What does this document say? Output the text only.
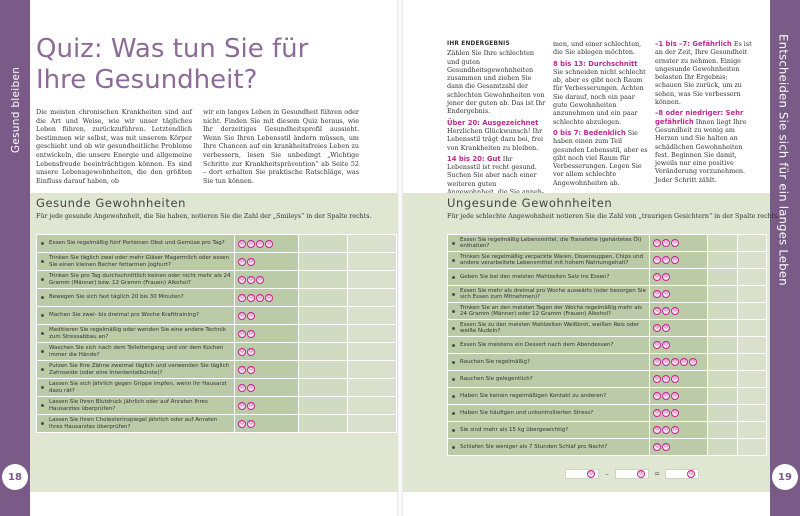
Gesund bleiben	Entscheiden Sie sich für ein langes Leben
18	19
Quiz: Was tun Sie für Ihre Gesundheit?
Die meisten chronischen Krankheiten sind auf die Art und Weise, wie wir unser tägliches Leben führen, zurückzuführen. Letztendlich bestimmen wir selbst, was mit unserem Körper geschieht und ob wir gesundheitliche Probleme entwickeln, die unsere Energie und allgemeine Lebensfreude beeinträchtigen können. Es sind unsere Lebensgewohnheiten, die den größten Einfluss darauf haben, ob
wir ein langes Leben in Gesundheit führen oder nicht. Finden Sie mit diesem Quiz heraus, wie Ihr derzeitiges Gesundheitsprofil aussieht. Wenn Sie Ihren Lebensstil ändern müssen, um Ihre Chancen auf ein krankheitsfreies Leben zu verbessern, lesen Sie unbedingt „Wichtige Schritte zur Krankheitsprävention“ ab Seite 52 – dort erhalten Sie praktische Ratschläge, was Sie tun können.

IHR ENDERGEBNIS

Zählen Sie Ihre schlechten und guten Gesundheitsgewohnheiten zusammen und ziehen Sie dann die Gesamtzahl der schlechten Gewohnheiten von jener der guten ab. Das ist Ihr Endergebnis.

Über 20: Ausgezeichnet
Herzlichen Glückwunsch! Ihr Lebensstil trägt dazu bei, frei von Krankheiten zu bleiben.

14 bis 20: Gut Ihr Lebensstil ist recht gesund. Suchen Sie aber nach einer weiteren guten

men, und einer schlechten, die Sie ablegen möchten.

8 bis 13: Durchschnitt Sie schneiden nicht schlecht ab, aber es gibt noch Raum für Verbesserungen. Achten Sie darauf, noch ein paar gute Gewohnheiten anzunehmen und ein paar schlechte abzulegen.

0 bis 7: Bedenklich Sie haben einen zum Teil gesunden Lebensstil, aber es gibt noch viel Raum für Verbesserungen. Legen Sie vor allem schlechte Angewohnheiten ab.

–1 bis –7: Gefährlich Es ist an der Zeit, Ihre Gesundheit ernster zu nehmen. Einige ungesunde Gewohnheiten belasten Ihr Ergebnis; schauen Sie zurück, um zu sehen, was Sie verbessern können.

–8 oder niedriger: Sehr gefährlich Ihnen liegt Ihre Gesundheit zu wenig am Herzen und Sie halten an schädlichen Gewohnheiten fest. Beginnen Sie damit, jeweils nur eine positive Veränderung vorzunehmen. Jeder Schritt zählt.

Gesunde Gewohnheiten	Ungesunde Gewohnheiten
Für jede gesunde Angewohnheit, die Sie haben, notieren Sie die Zahl der „Smileys“ in der Spalte rechts.	Für jede schlechte Angewohnheit notieren Sie die Zahl von „traurigen Gesichtern“ in der Spalte rechts.
Essen Sie regelmäßig fünf Portionen Obst und Gemüse pro Tag?	☺ ☺ ☺ ☺		
Trinken Sie täglich zwei oder mehr Gläser Magermilch oder essen Sie einen kleinen Becher fettarmen Joghurt?	☺ ☺		
Trinken Sie pro Tag durchschnittlich keinen oder nicht mehr als 24 Gramm (Männer) bzw. 12 Gramm (Frauen) Alkohol?	☺ ☺ ☺		
Bewegen Sie sich fast täglich 20 bis 30 Minuten?	☺ ☺ ☺ ☺		
Machen Sie zwei- bis dreimal pro Woche Krafttraining?	☺ ☺		
Meditieren Sie regelmäßig oder wenden Sie eine andere Technik zum Stressabbau an?	☺ ☺		
Waschen Sie sich nach dem Toilettengang und vor dem Kochen immer die Hände?	☺ ☺		
Putzen Sie Ihre Zähne zweimal täglich und verwenden Sie täglich Zahnseide (oder eine Interdentalbürste)?	☺ ☺		
Lassen Sie sich jährlich gegen Grippe impfen, wenn Ihr Hausarzt dazu rät?	☺ ☺		
Lassen Sie Ihren Blutdruck jährlich oder auf Anraten Ihres Hausarztes überprüfen?	☺ ☺		
Lassen Sie Ihren Cholesterinspiegel jährlich oder auf Anraten Ihres Hausarztes überprüfen?	☺ ☺		
Essen Sie regelmäßig Lebensmittel, die Transfette (gehärtetes Öl) enthalten?	☹ ☹ ☹		
Trinken Sie regelmäßig verpackte Waren, Dosensuppen, Chips und andere verarbeitete Lebensmittel mit hohem Natriumgehalt?	☹ ☹ ☹		
Geben Sie bei den meisten Mahlzeiten Salz ins Essen?	☹ ☹		
Essen Sie mehr als dreimal pro Woche auswärts (oder besorgen Sie sich Essen zum Mitnehmen)?	☹ ☹		
Trinken Sie an den meisten Tagen der Woche regelmäßig mehr als 24 Gramm (Männer) oder 12 Gramm (Frauen) Alkohol?	☹ ☹ ☹		
Essen Sie zu den meisten Mahlzeiten Weißbrot, weißen Reis oder weiße Nudeln?	☹ ☹		
Essen Sie meistens ein Dessert nach dem Abendessen?	☹ ☹		
Rauchen Sie regelmäßig?	☹ ☹ ☹ ☹ ☹		
Rauchen Sie gelegentlich?	☹ ☹ ☹		
Haben Sie keinen regelmäßigen Kontakt zu anderen?	☹ ☹ ☹		
Haben Sie häufigen und unkontrollierten Stress?	☹ ☹ ☹		
Sie sind mehr als 15 kg übergewichtig?	☹ ☹ ☹		
Schlafen Sie weniger als 7 Stunden Schlaf pro Nacht?	☹ ☹		
☺	–	☹	=	☺
